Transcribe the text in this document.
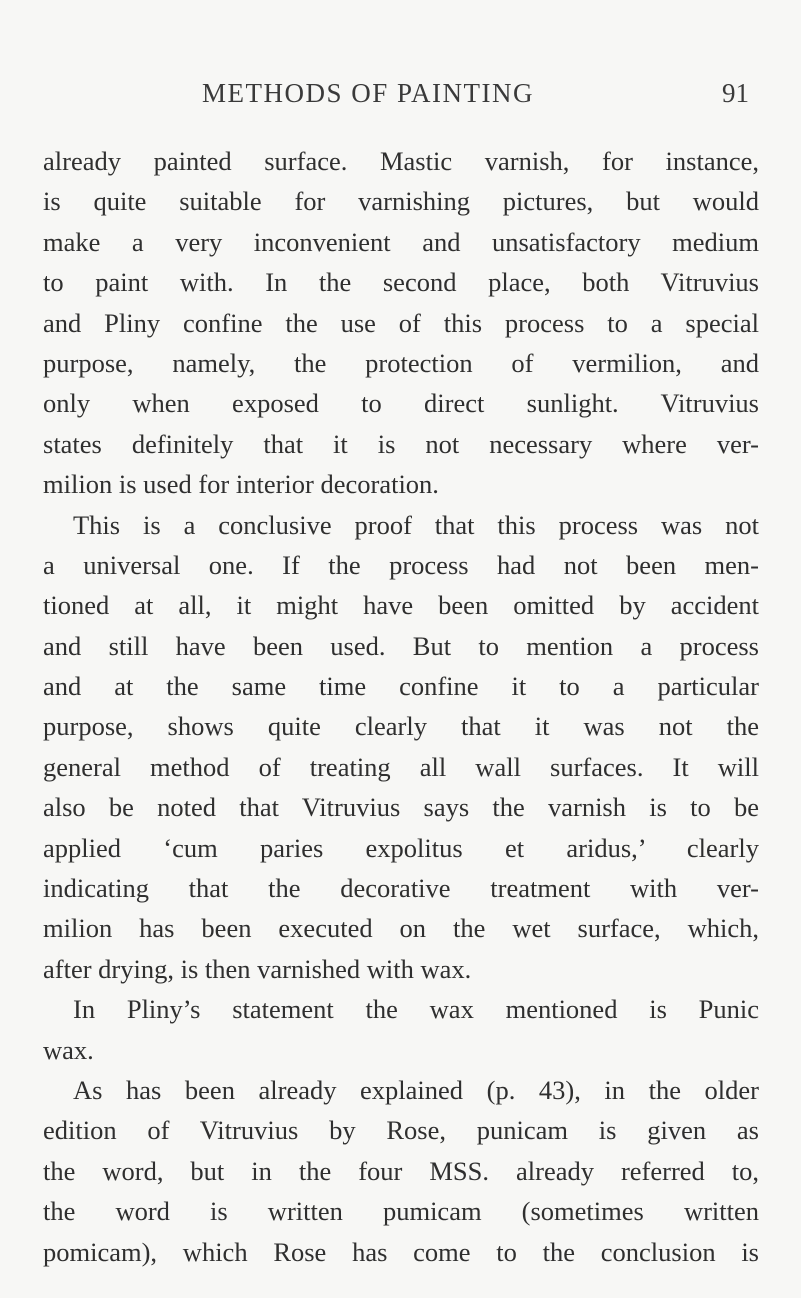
METHODS OF PAINTING	91
already painted surface. Mastic varnish, for instance,
is quite suitable for varnishing pictures, but would
make a very inconvenient and unsatisfactory medium
to paint with. In the second place, both Vitruvius
and Pliny confine the use of this process to a special
purpose, namely, the protection of vermilion, and
only when exposed to direct sunlight. Vitruvius
states definitely that it is not necessary where ver-
milion is used for interior decoration.
This is a conclusive proof that this process was not
a universal one. If the process had not been men-
tioned at all, it might have been omitted by accident
and still have been used. But to mention a process
and at the same time confine it to a particular
purpose, shows quite clearly that it was not the
general method of treating all wall surfaces. It will
also be noted that Vitruvius says the varnish is to be
applied ‘cum paries expolitus et aridus,’ clearly
indicating that the decorative treatment with ver-
milion has been executed on the wet surface, which,
after drying, is then varnished with wax.
In Pliny’s statement the wax mentioned is Punic
wax.
As has been already explained (p. 43), in the older
edition of Vitruvius by Rose, punicam is given as
the word, but in the four MSS. already referred to,
the word is written pumicam (sometimes written
pomicam), which Rose has come to the conclusion is
